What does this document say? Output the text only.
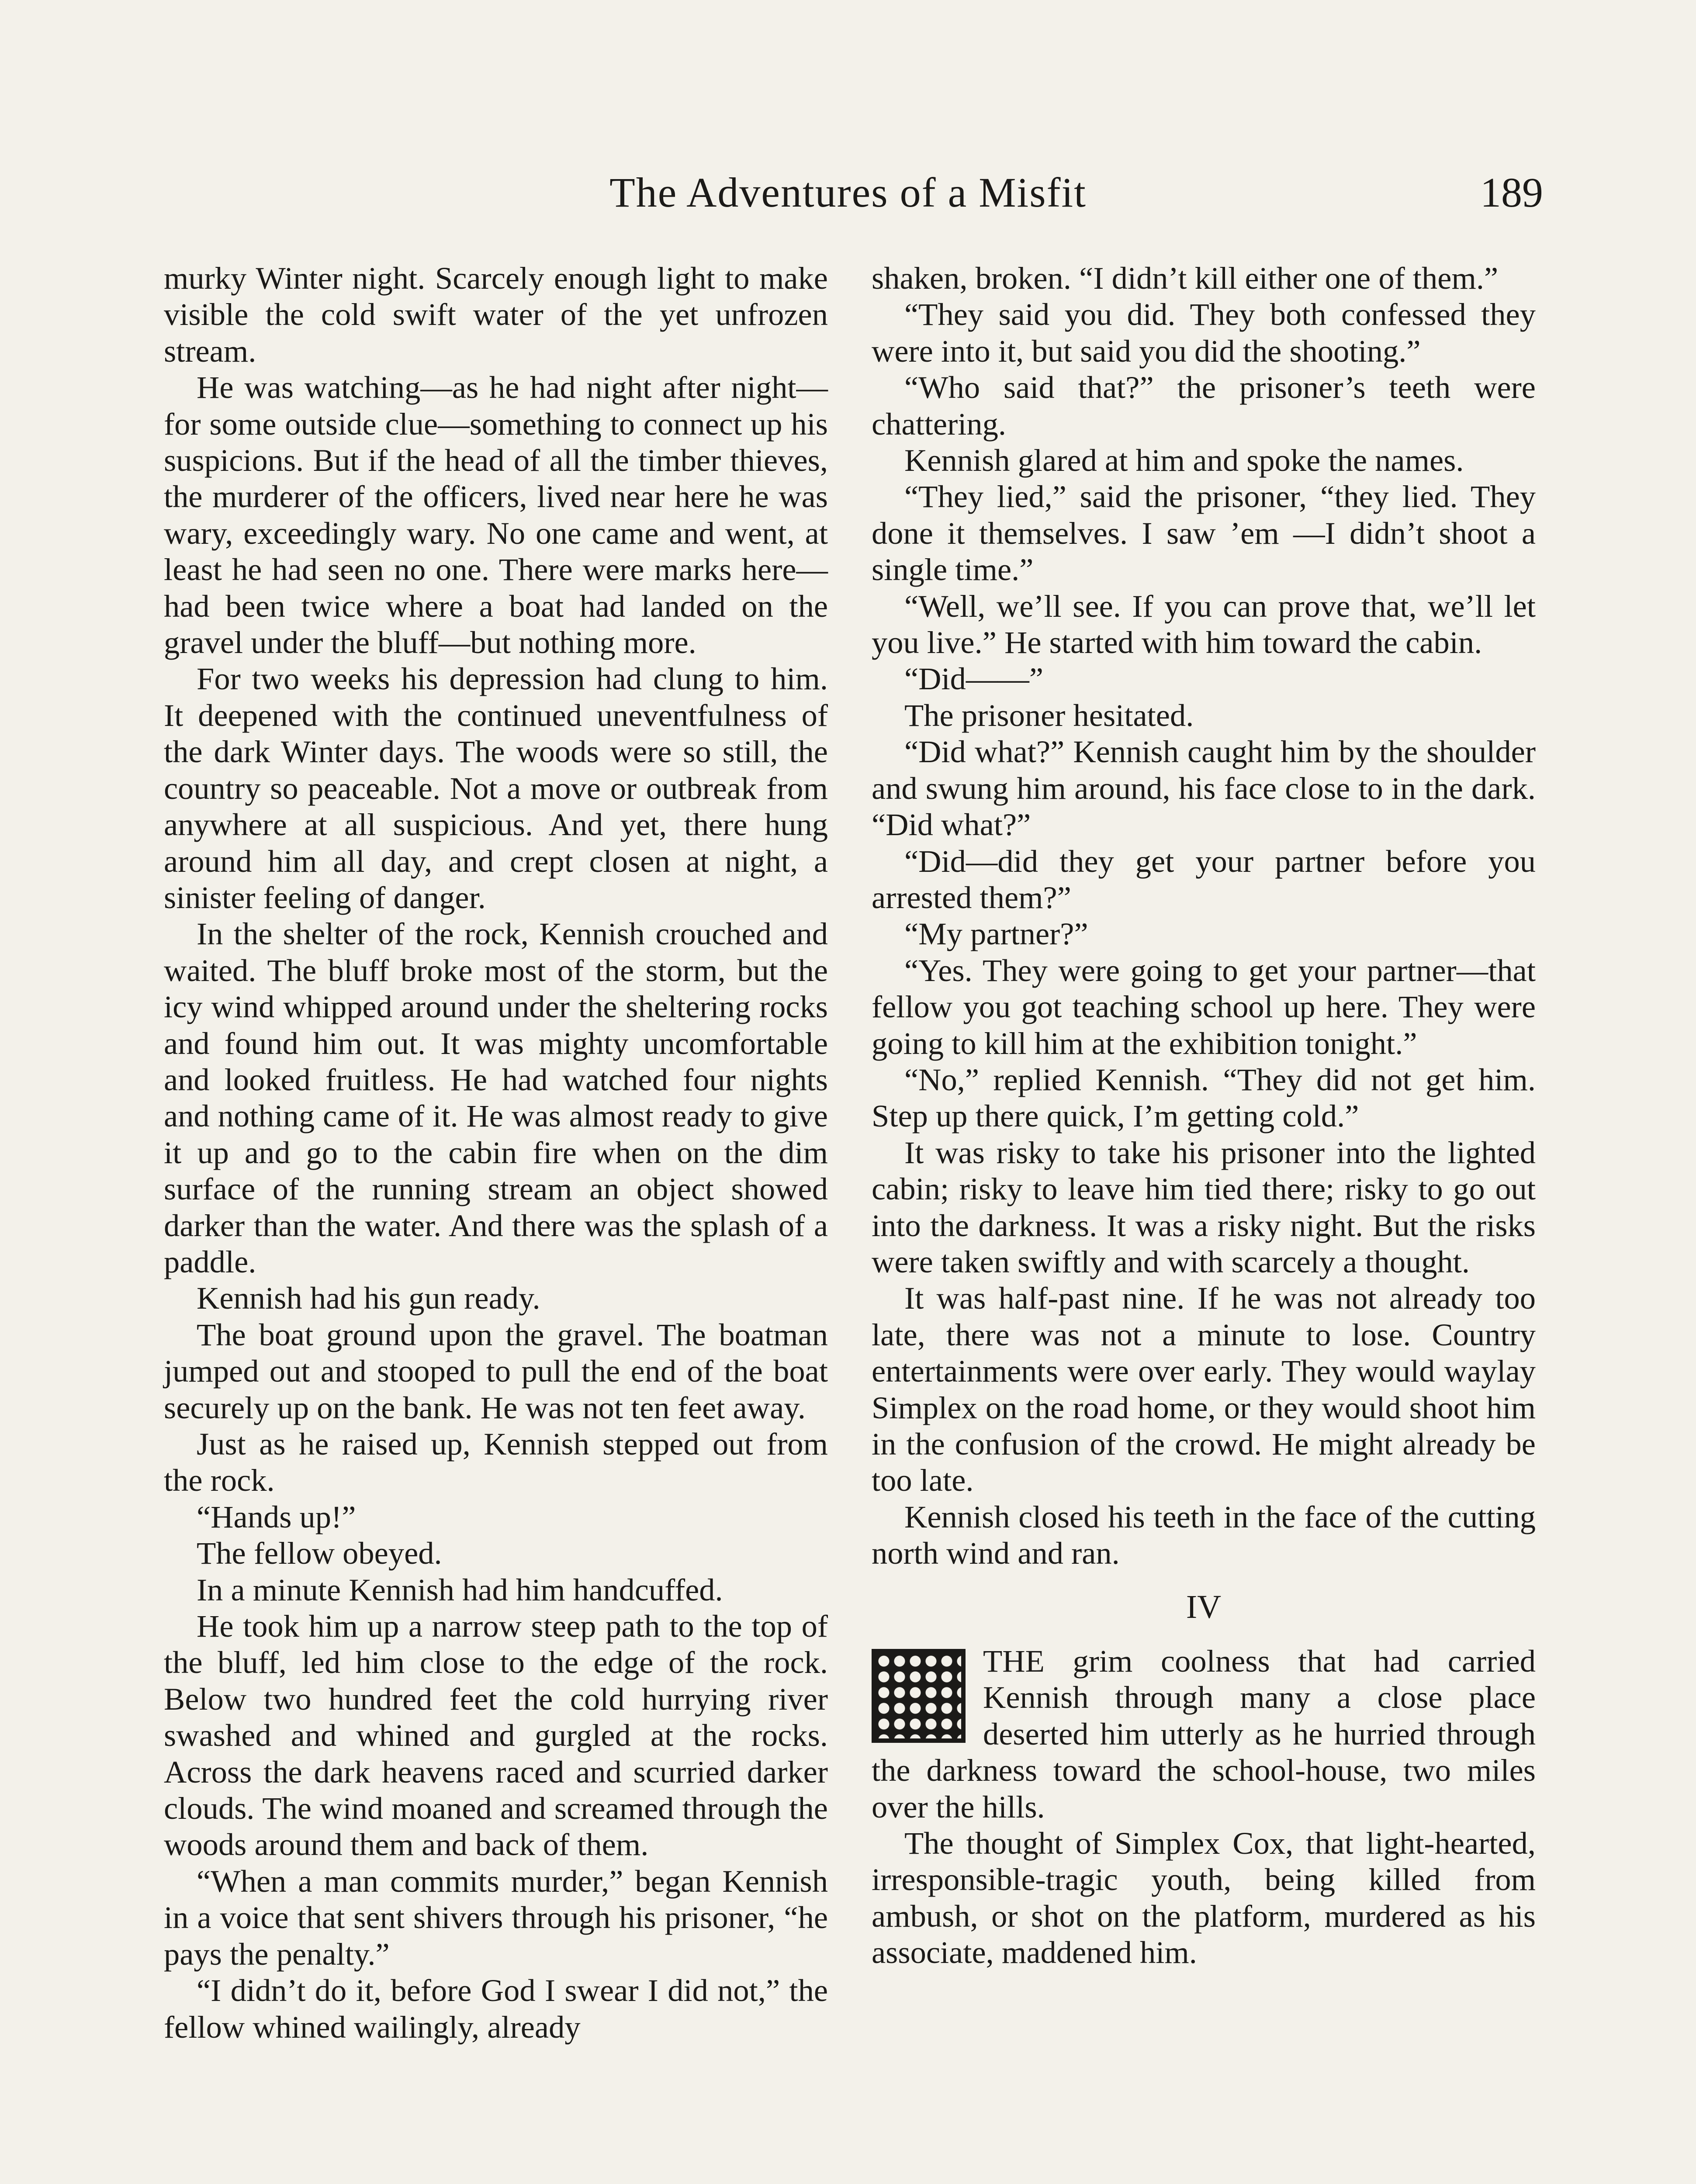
The Adventures of a Misfit	189

murky Winter night. Scarcely enough light to make visible the cold swift water of the yet unfrozen stream.

He was watching—as he had night after night—for some outside clue—something to connect up his suspicions. But if the head of all the timber thieves, the murderer of the officers, lived near here he was wary, exceedingly wary. No one came and went, at least he had seen no one. There were marks here—had been twice where a boat had landed on the gravel under the bluff—but nothing more.

For two weeks his depression had clung to him. It deepened with the continued uneventfulness of the dark Winter days. The woods were so still, the country so peaceable. Not a move or outbreak from anywhere at all suspicious. And yet, there hung around him all day, and crept closen at night, a sinister feeling of danger.

In the shelter of the rock, Kennish crouched and waited. The bluff broke most of the storm, but the icy wind whipped around under the sheltering rocks and found him out. It was mighty uncomfortable and looked fruitless. He had watched four nights and nothing came of it. He was almost ready to give it up and go to the cabin fire when on the dim surface of the running stream an object showed darker than the water. And there was the splash of a paddle.

Kennish had his gun ready.

The boat ground upon the gravel. The boatman jumped out and stooped to pull the end of the boat securely up on the bank. He was not ten feet away.

Just as he raised up, Kennish stepped out from the rock.

“Hands up!”

The fellow obeyed.

In a minute Kennish had him handcuffed.

He took him up a narrow steep path to the top of the bluff, led him close to the edge of the rock. Below two hundred feet the cold hurrying river swashed and whined and gurgled at the rocks. Across the dark heavens raced and scurried darker clouds. The wind moaned and screamed through the woods around them and back of them.

“When a man commits murder,” began Kennish in a voice that sent shivers through his prisoner, “he pays the penalty.”

“I didn’t do it, before God I swear I did not,” the fellow whined wailingly, already

shaken, broken. “I didn’t kill either one of them.”

“They said you did. They both confessed they were into it, but said you did the shooting.”

“Who said that?” the prisoner’s teeth were chattering.

Kennish glared at him and spoke the names.

“They lied,” said the prisoner, “they lied. They done it themselves. I saw ’em —I didn’t shoot a single time.”

“Well, we’ll see. If you can prove that, we’ll let you live.” He started with him toward the cabin.

“Did——”

The prisoner hesitated.

“Did what?” Kennish caught him by the shoulder and swung him around, his face close to in the dark. “Did what?”

“Did—did they get your partner before you arrested them?”

“My partner?”

“Yes. They were going to get your partner—that fellow you got teaching school up here. They were going to kill him at the exhibition tonight.”

“No,” replied Kennish. “They did not get him. Step up there quick, I’m getting cold.”

It was risky to take his prisoner into the lighted cabin; risky to leave him tied there; risky to go out into the darkness. It was a risky night. But the risks were taken swiftly and with scarcely a thought.

It was half-past nine. If he was not already too late, there was not a minute to lose. Country entertainments were over early. They would waylay Simplex on the road home, or they would shoot him in the confusion of the crowd. He might already be too late.

Kennish closed his teeth in the face of the cutting north wind and ran.

IV

THE grim coolness that had carried Kennish through many a close place deserted him utterly as he hurried through the darkness toward the school-house, two miles over the hills.

The thought of Simplex Cox, that light-hearted, irresponsible-tragic youth, being killed from ambush, or shot on the platform, murdered as his associate, maddened him.
